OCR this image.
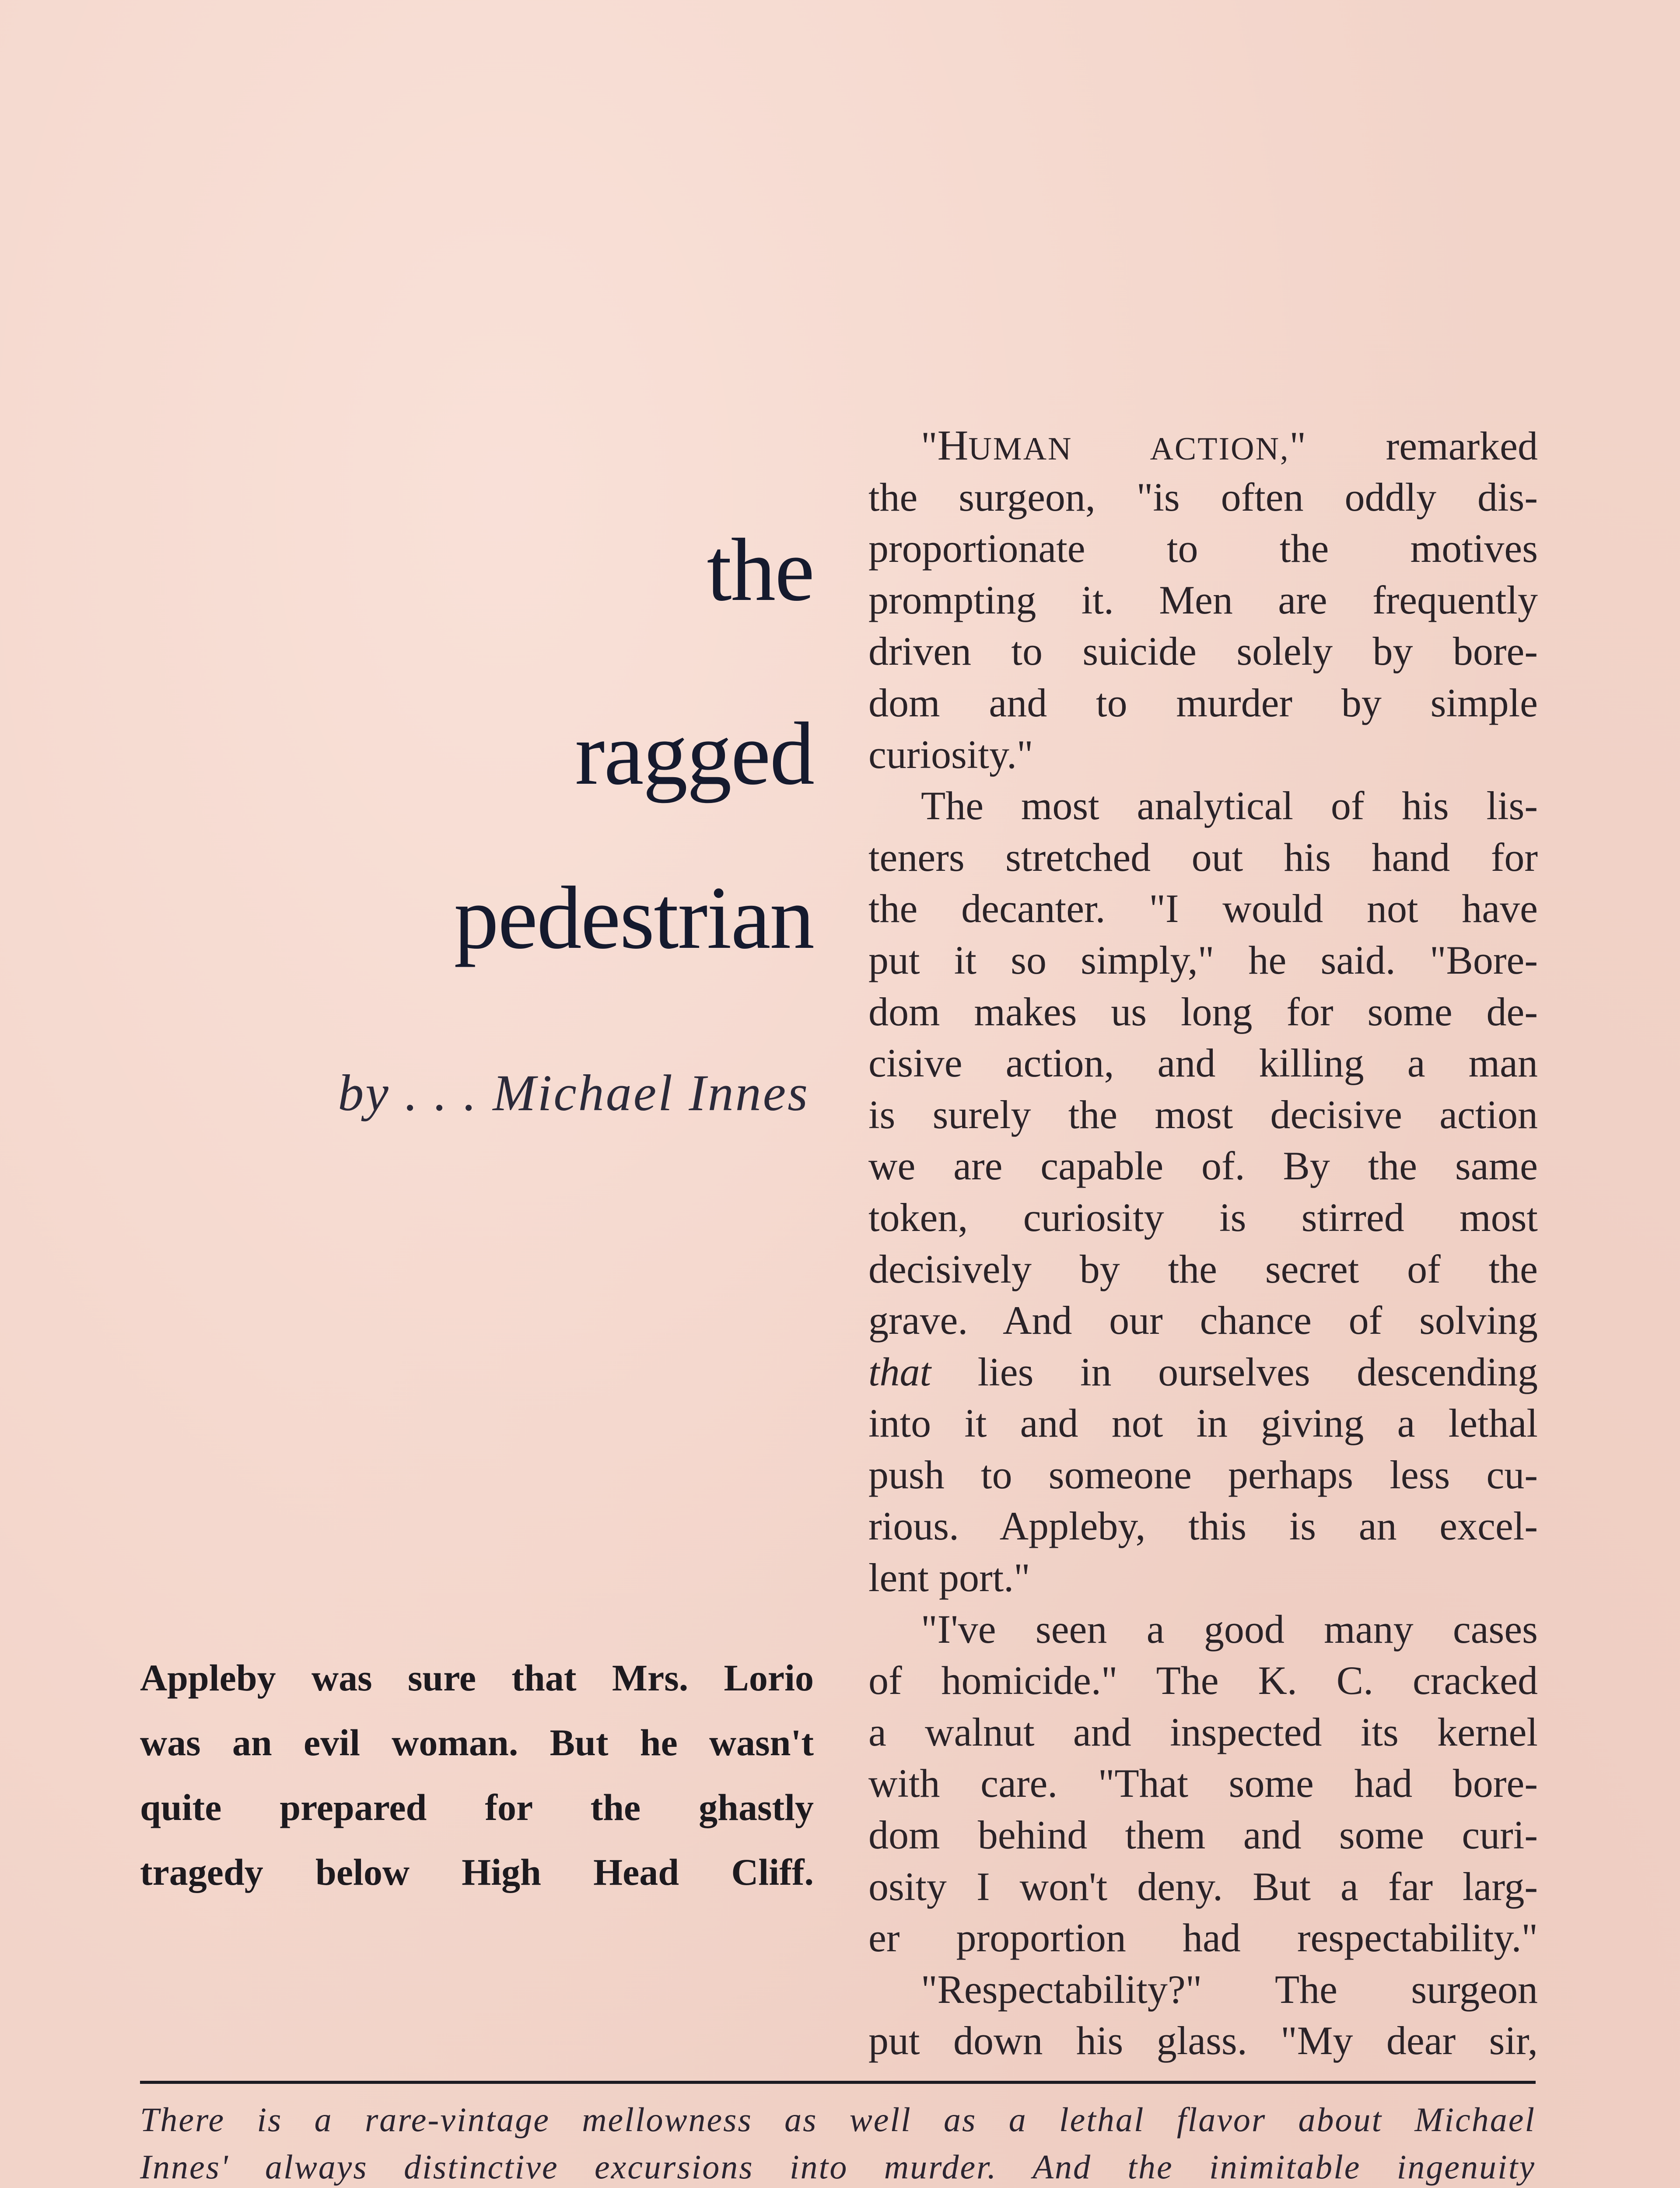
the
ragged
pedestrian
by . . . Michael Innes
Appleby was sure that Mrs. Lorio
was an evil woman. But he wasn't
quite prepared for the ghastly
tragedy below High Head Cliff.
"HUMAN ACTION," remarked
the surgeon, "is often oddly dis-
proportionate to the motives
prompting it. Men are frequently
driven to suicide solely by bore-
dom and to murder by simple
curiosity."
The most analytical of his lis-
teners stretched out his hand for
the decanter. "I would not have
put it so simply," he said. "Bore-
dom makes us long for some de-
cisive action, and killing a man
is surely the most decisive action
we are capable of. By the same
token, curiosity is stirred most
decisively by the secret of the
grave. And our chance of solving
that lies in ourselves descending
into it and not in giving a lethal
push to someone perhaps less cu-
rious. Appleby, this is an excel-
lent port."
"I've seen a good many cases
of homicide." The K. C. cracked
a walnut and inspected its kernel
with care. "That some had bore-
dom behind them and some curi-
osity I won't deny. But a far larg-
er proportion had respectability."
"Respectability?" The surgeon
put down his glass. "My dear sir,
There is a rare-vintage mellowness as well as a lethal flavor about Michael
Innes' always distinctive excursions into murder. And the inimitable ingenuity
